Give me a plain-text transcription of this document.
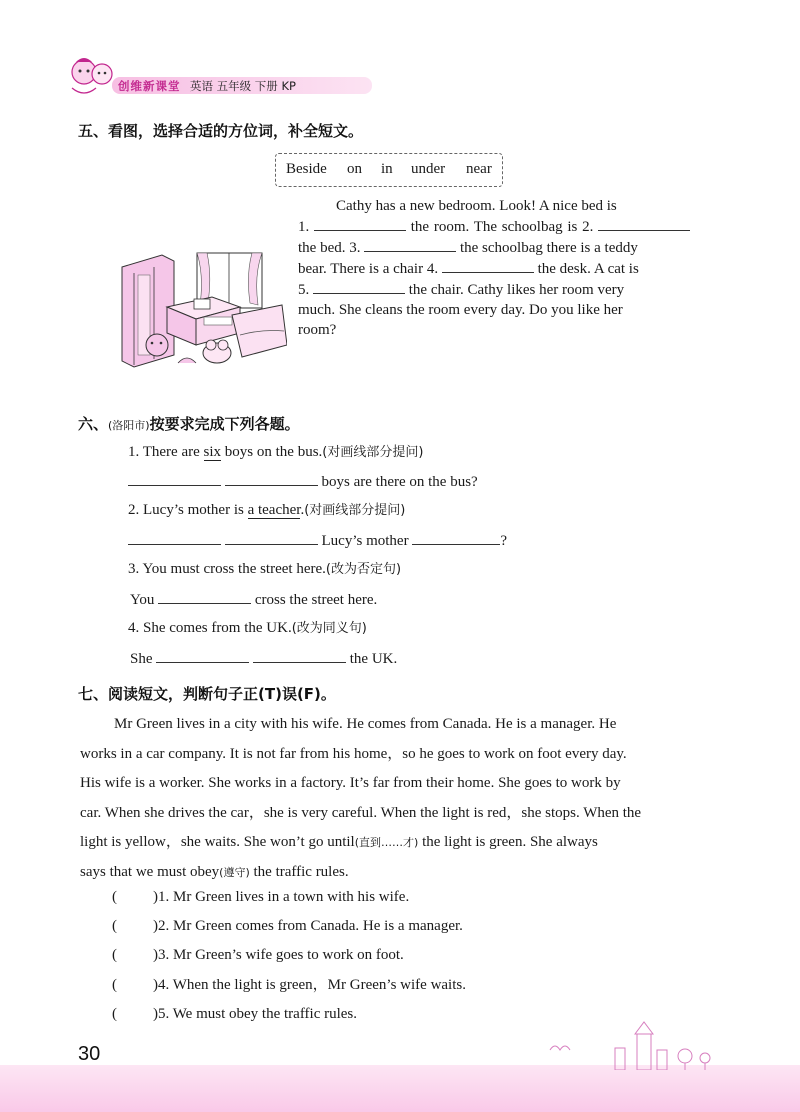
创维新课堂 英语 五年级 下册 KP
五、看图，选择合适的方位词，补全短文。
Beside on in under near
Cathy has a new bedroom. Look! A nice bed is
1.	the room. The schoolbag is 2.
the bed. 3.	the schoolbag there is a teddy
bear. There is a chair 4.	the desk. A cat is
5.	the chair. Cathy likes her room very
much. She cleans the room every day. Do you like her
room?
六、(洛阳市)按要求完成下列各题。
1. There are six boys on the bus.(对画线部分提问)
boys are there on the bus?
2. Lucy’s mother is a teacher.(对画线部分提问)
Lucy’s mother	?
3. You must cross the street here.(改为否定句)
You	cross the street here.
4. She comes from the UK.(改为同义句)
She	the UK.
七、阅读短文，判断句子正(T)误(F)。
Mr Green lives in a city with his wife. He comes from Canada. He is a manager. He
works in a car company. It is not far from his home，so he goes to work on foot every day.
His wife is a worker. She works in a factory. It’s far from their home. She goes to work by
car. When she drives the car，she is very careful. When the light is red，she stops. When the
light is yellow，she waits. She won’t go until(直到……才) the light is green. She always
says that we must obey(遵守) the traffic rules.
( )1. Mr Green lives in a town with his wife.
( )2. Mr Green comes from Canada. He is a manager.
( )3. Mr Green’s wife goes to work on foot.
( )4. When the light is green，Mr Green’s wife waits.
( )5. We must obey the traffic rules.
30
